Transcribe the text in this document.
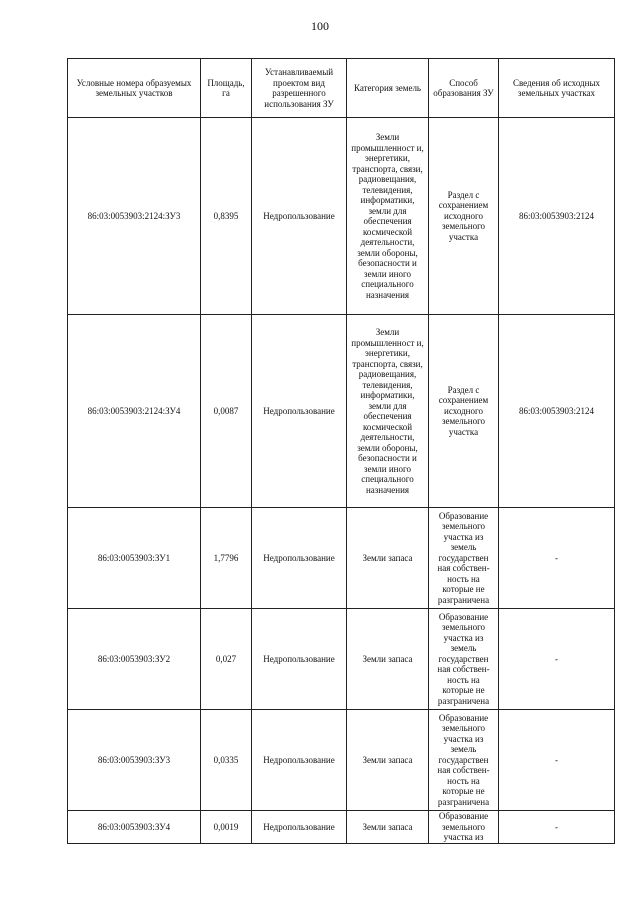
100
Условные номера образуемых земельных участков	Площадь, га	Устанавливаемый проектом вид разрешенного использования ЗУ	Категория земель	Способ образования ЗУ	Сведения об исходных земельных участках
86:03:0053903:2124:ЗУ3	0,8395	Недропользование	Земли промышленност и, энергетики, транспорта, связи, радиовещания, телевидения, информатики, земли для обеспечения космической деятельности, земли обороны, безопасности и земли иного специального назначения	Раздел с сохранением исходного земельного участка	86:03:0053903:2124
86:03:0053903:2124:ЗУ4	0,0087	Недропользование	Земли промышленност и, энергетики, транспорта, связи, радиовещания, телевидения, информатики, земли для обеспечения космической деятельности, земли обороны, безопасности и земли иного специального назначения	Раздел с сохранением исходного земельного участка	86:03:0053903:2124
86:03:0053903:ЗУ1	1,7796	Недропользование	Земли запаса	Образование земельного участка из земель государствен ная собствен- ность на которые не разграничена	-
86:03:0053903:ЗУ2	0,027	Недропользование	Земли запаса	Образование земельного участка из земель государствен ная собствен- ность на которые не разграничена	-
86:03:0053903:ЗУ3	0,0335	Недропользование	Земли запаса	Образование земельного участка из земель государствен ная собствен- ность на которые не разграничена	-
86:03:0053903:ЗУ4	0,0019	Недропользование	Земли запаса	Образование земельного участка из	-
